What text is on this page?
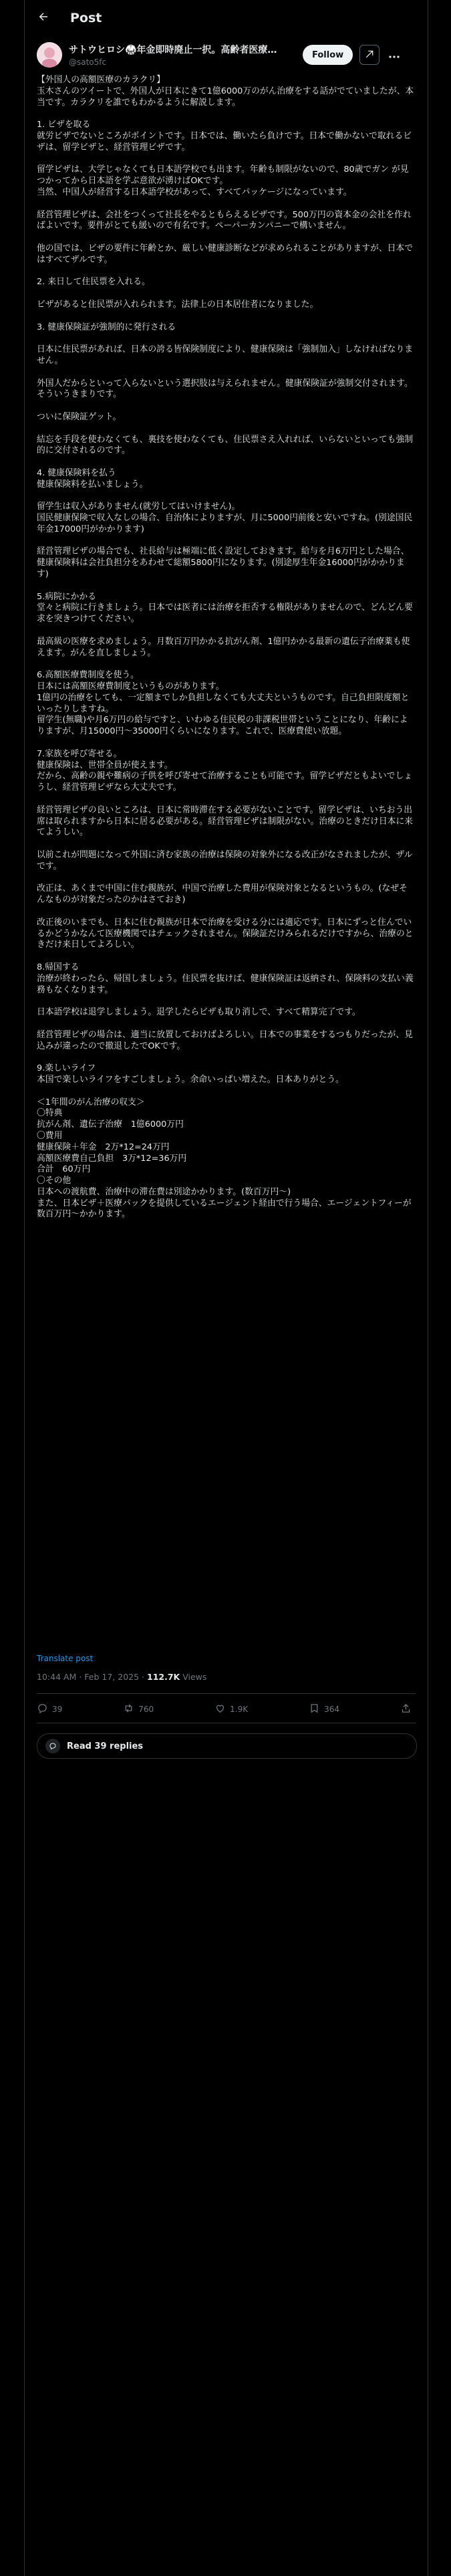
Post
サトウヒロシ🥋年金即時廃止一択。高齢者医療…
@sato5fc
Follow
【外国人の高額医療のカラクリ】
玉木さんのツイートで、外国人が日本にきて1億6000万のがん治療をする話がでていましたが、本当です。カラクリを誰でもわかるように解説します。

1. ビザを取る
就労ビザでないところがポイントです。日本では、働いたら負けです。日本で働かないで取れるビザは、留学ビザと、経営管理ビザです。

留学ビザは、大学じゃなくても日本語学校でも出ます。年齢も制限がないので、80歳でガン が見つかってから日本語を学ぶ意欲が湧けばOKです。
当然、中国人が経営する日本語学校があって、すべてパッケージになっています。

経営管理ビザは、会社をつくって社長をやるともらえるビザです。500万円の資本金の会社を作ればよいです。要件がとても緩いので有名です。ペーパーカンパニーで構いません。

他の国では、ビザの要件に年齢とか、厳しい健康診断などが求められることがありますが、日本ではすべてザルです。

2. 来日して住民票を入れる。

ビザがあると住民票が入れられます。法律上の日本居住者になりました。

3. 健康保険証が強制的に発行される

日本に住民票があれば、日本の誇る皆保険制度により、健康保険は「強制加入」しなければなりません。

外国人だからといって入らないという選択肢は与えられません。健康保険証が強制交付されます。そういうきまりです。

ついに保険証ゲット。

結忘を手段を使わなくても、裏技を使わなくても、住民票さえ入れれば、いらないといっても強制的に交付されるのです。

4. 健康保険料を払う
健康保険料を払いましょう。

留学生は収入がありません(就労してはいけません)。
国民健康保険で収入なしの場合、自治体によりますが、月に5000円前後と安いですね。(別途国民年金17000円がかかります)

経営管理ビザの場合でも、社長給与は極端に低く設定しておきます。給与を月6万円とした場合、健康保険料は会社負担分をあわせて総額5800円になります。(別途厚生年金16000円がかかります)

5.病院にかかる
堂々と病院に行きましょう。日本では医者には治療を拒否する権限がありませんので、どんどん要求を突きつけてください。

最高級の医療を求めましょう。月数百万円かかる抗がん剤、1億円かかる最新の遺伝子治療薬も使えます。がんを直しましょう。

6.高額医療費制度を使う。
日本には高額医療費制度というものがあります。
1億円の治療をしても、一定額までしか負担しなくても大丈夫というものです。自己負担限度額といったりしますね。
留学生(無職)や月6万円の給与ですと、いわゆる住民税の非課税世帯ということになり、年齢によりますが、月15000円〜35000円くらいになります。これで、医療費使い放題。

7.家族を呼び寄せる。
健康保険は、世帯全員が使えます。
だから、高齢の親や難病の子供を呼び寄せて治療することも可能です。留学ビザだともよいでしょうし、経営管理ビザなら大丈夫です。

経営管理ビザの良いところは、日本に常時滞在する必要がないことです。留学ビザは、いちおう出席は取られますから日本に居る必要がある。経営管理ビザは制限がない。治療のときだけ日本に来てようしい。

以前これが問題になって外国に済む家族の治療は保険の対象外になる改正がなされましたが、ザルです。

改正は、あくまで中国に住む親族が、中国で治療した費用が保険対象となるというもの。(なぜそんなものが対象だったのかはさておき)

改正後のいまでも、日本に住む親族が日本で治療を受ける分には適応です。日本にずっと住んでいるかどうかなんて医療機関ではチェックされません。保険証だけみられるだけですから、治療のときだけ来日してよろしい。

8.帰国する
治療が終わったら、帰国しましょう。住民票を抜けば、健康保険証は返納され、保険料の支払い義務もなくなります。

日本語学校は退学しましょう。退学したらビザも取り消しで、すべて精算完了です。

経営管理ビザの場合は、適当に放置しておけばよろしい。日本での事業をするつもりだったが、見込みが違ったので撤退したでOKです。

9.楽しいライフ
本国で楽しいライフをすごしましょう。余命いっぱい増えた。日本ありがとう。

＜1年間のがん治療の収支＞
〇特典
抗がん剤、遺伝子治療　1億6000万円
〇費用
健康保険＋年金　2万*12=24万円
高額医療費自己負担　3万*12=36万円
合計　60万円
〇その他
日本への渡航費、治療中の滞在費は別途かかります。(数百万円〜)
また、日本ビザ＋医療パックを提供しているエージェント経由で行う場合、エージェントフィーが数百万円〜かかります。
Translate post
10:44 AM · Feb 17, 2025 · 112.7K Views
39	760	1.9K	364
Read 39 replies
